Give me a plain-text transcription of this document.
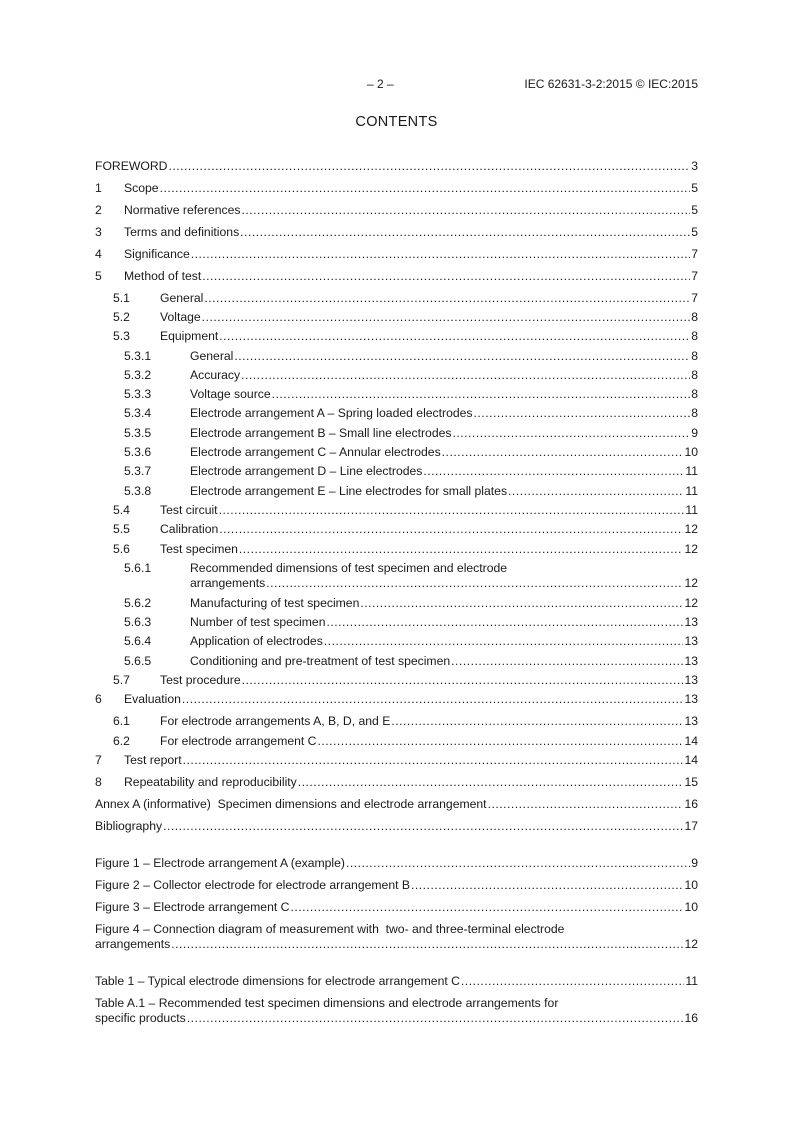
– 2 –	IEC 62631-3-2:2015 © IEC:2015
CONTENTS
FOREWORD .....	3
1 Scope .....	5
2 Normative references .....	5
3 Terms and definitions .....	5
4 Significance .....	7
5 Method of test .....	7
5.1 General .....	7
5.2 Voltage .....	8
5.3 Equipment .....	8
5.3.1	General .....	8
5.3.2	Accuracy .....	8
5.3.3	Voltage source .....	8
5.3.4	Electrode arrangement A – Spring loaded electrodes .....	8
5.3.5	Electrode arrangement B – Small line electrodes .....	9
5.3.6	Electrode arrangement C – Annular electrodes .....	10
5.3.7	Electrode arrangement D – Line electrodes .....	11
5.3.8	Electrode arrangement E – Line electrodes for small plates .....	11
5.4 Test circuit .....	11
5.5 Calibration .....	12
5.6 Test specimen .....	12
5.6.1	Recommended dimensions of test specimen and electrode
arrangements .....	12
5.6.2	Manufacturing of test specimen .....	12
5.6.3	Number of test specimen .....	13
5.6.4	Application of electrodes .....	13
5.6.5	Conditioning and pre-treatment of test specimen .....	13
5.7 Test procedure .....	13
6 Evaluation .....	13
6.1 For electrode arrangements A, B, D, and E .....	13
6.2 For electrode arrangement C .....	14
7 Test report .....	14
8 Repeatability and reproducibility .....	15
Annex A (informative)  Specimen dimensions and electrode arrangement .....	16
Bibliography .....	17
Figure 1 – Electrode arrangement A (example) .....	9
Figure 2 – Collector electrode for electrode arrangement B .....	10
Figure 3 – Electrode arrangement C .....	10
Figure 4 – Connection diagram of measurement with  two- and three-terminal electrode
arrangements .....	12
Table 1 – Typical electrode dimensions for electrode arrangement C .....	11
Table A.1 – Recommended test specimen dimensions and electrode arrangements for
specific products .....	16
